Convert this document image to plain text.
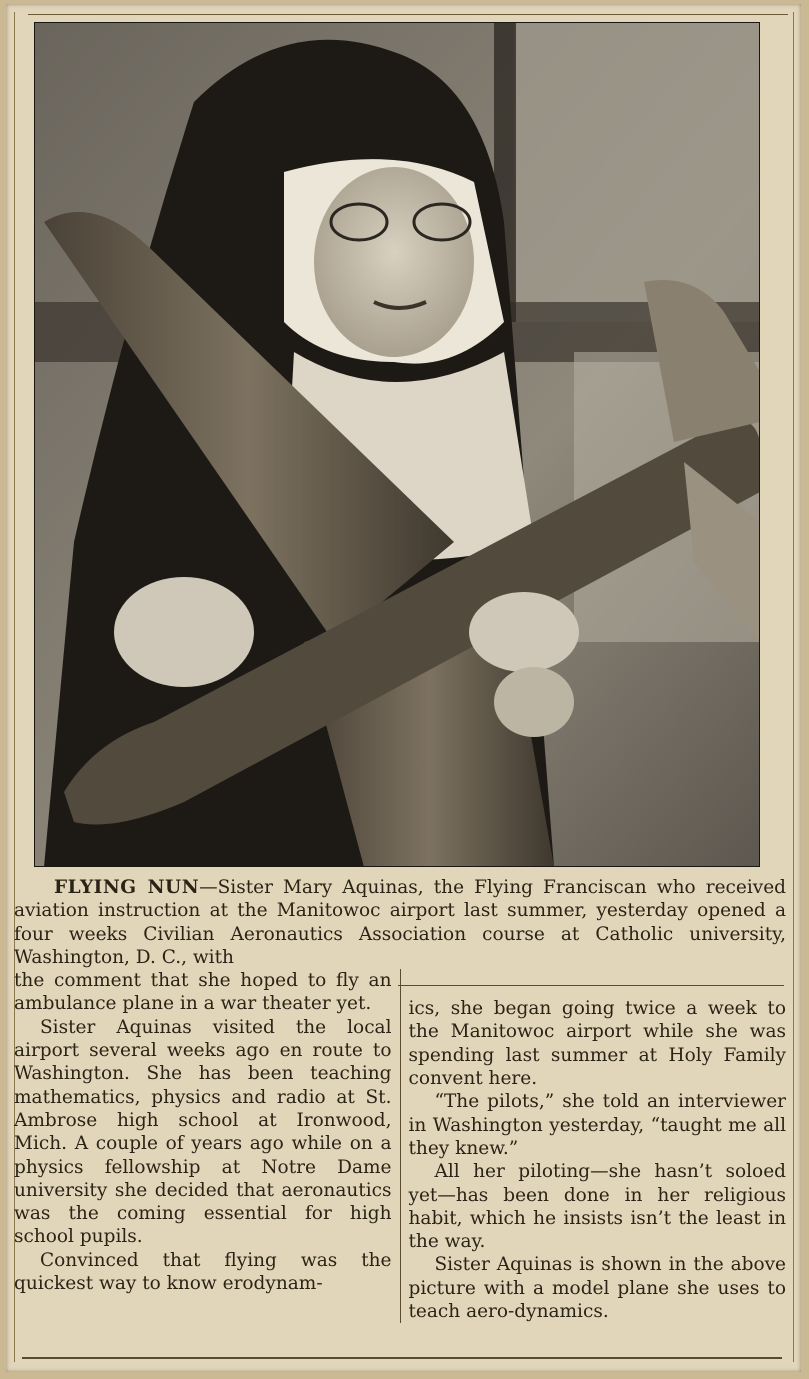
FLYING NUN—Sister Mary Aquinas, the Flying Franciscan who received aviation instruction at the Manitowoc airport last summer, yesterday opened a four weeks Civilian Aeronautics Association course at Catholic university, Washington, D. C., with

the comment that she hoped to fly an ambulance plane in a war theater yet.

Sister Aquinas visited the local airport several weeks ago en route to Washington. She has been teaching mathematics, physics and radio at St. Ambrose high school at Ironwood, Mich. A couple of years ago while on a physics fellowship at Notre Dame university she decided that aeronautics was the coming essential for high school pupils.

Convinced that flying was the quickest way to know erodynam-

ics, she began going twice a week to the Manitowoc airport while she was spending last summer at Holy Family convent here.

“The pilots,” she told an interviewer in Washington yesterday, “taught me all they knew.”

All her piloting—she hasn’t soloed yet—has been done in her religious habit, which he insists isn’t the least in the way.

Sister Aquinas is shown in the above picture with a model plane she uses to teach aero-dynamics.
